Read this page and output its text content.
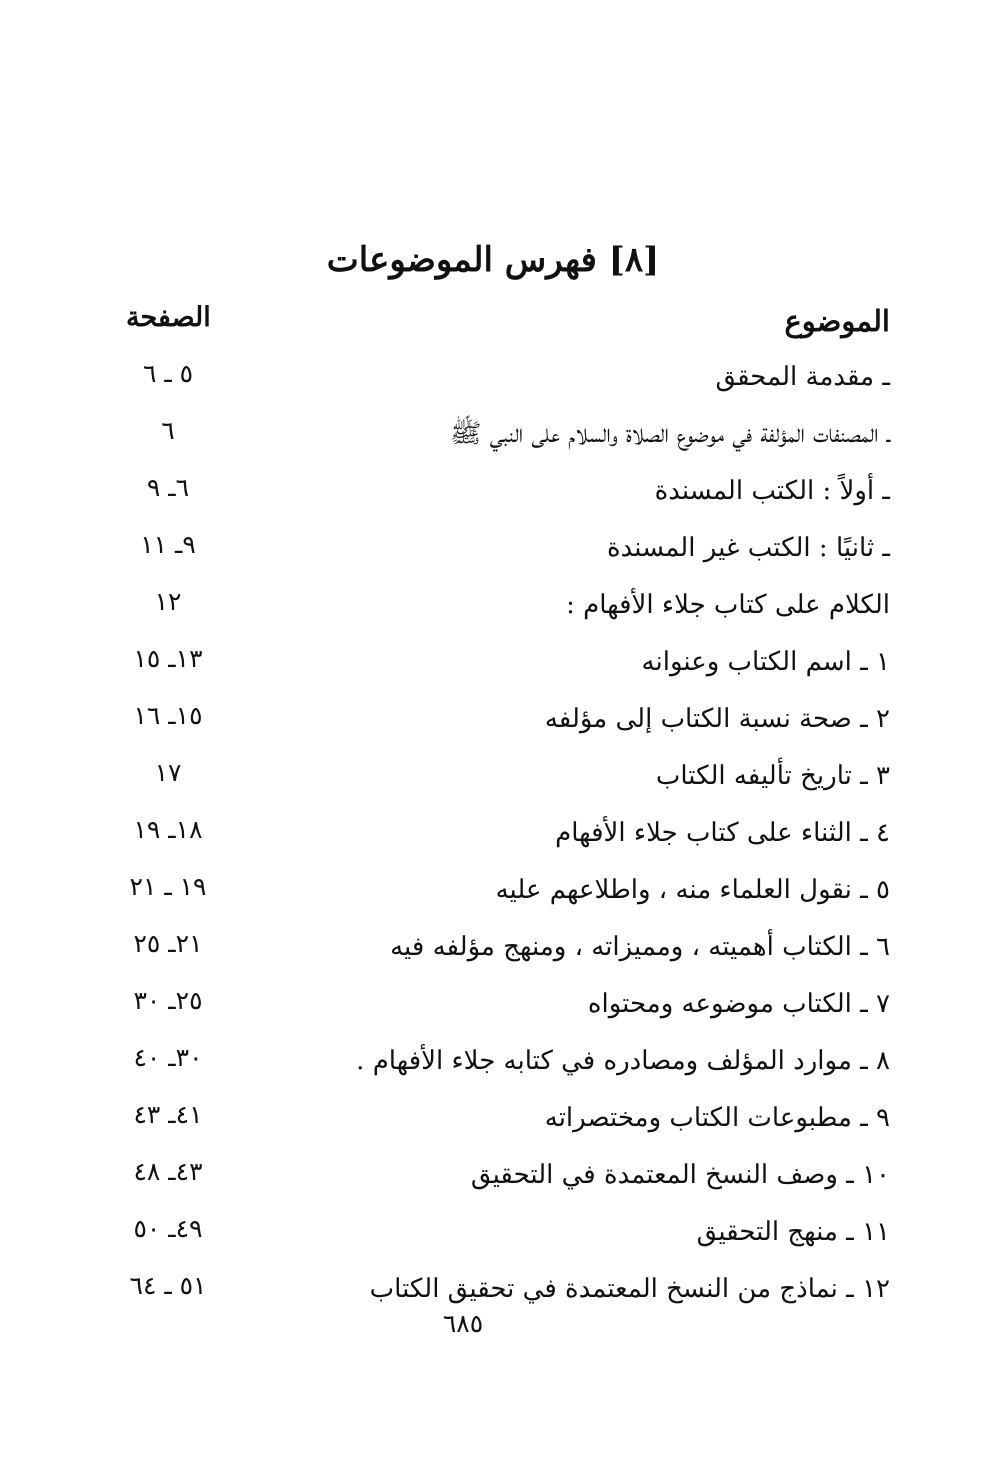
[٨] فهرس الموضوعات
الموضوع
الصفحة
ـ مقدمة المحقق
٥ ـ ٦
ـ المصنفات المؤلفة في موضوع الصلاة والسلام على النبي ﷺ
٦
ـ أولاً : الكتب المسندة
٦ـ ٩
ـ ثانيًا : الكتب غير المسندة
٩ـ ١١
الكلام على كتاب جلاء الأفهام :
١٢
١ ـ اسم الكتاب وعنوانه
١٣ـ ١٥
٢ ـ صحة نسبة الكتاب إلى مؤلفه
١٥ـ ١٦
٣ ـ تاريخ تأليفه الكتاب
١٧
٤ ـ الثناء على كتاب جلاء الأفهام
١٨ـ ١٩
٥ ـ نقول العلماء منه ، واطلاعهم عليه
١٩ ـ ٢١
٦ ـ الكتاب أهميته ، ومميزاته ، ومنهج مؤلفه فيه
٢١ـ ٢٥
٧ ـ الكتاب موضوعه ومحتواه
٢٥ـ ٣٠
٨ ـ موارد المؤلف ومصادره في كتابه جلاء الأفهام .
٣٠ـ ٤٠
٩ ـ مطبوعات الكتاب ومختصراته
٤١ـ ٤٣
١٠ ـ وصف النسخ المعتمدة في التحقيق
٤٣ـ ٤٨
١١ ـ منهج التحقيق
٤٩ـ ٥٠
١٢ ـ نماذج من النسخ المعتمدة في تحقيق الكتاب
٥١ ـ ٦٤
٦٨٥
